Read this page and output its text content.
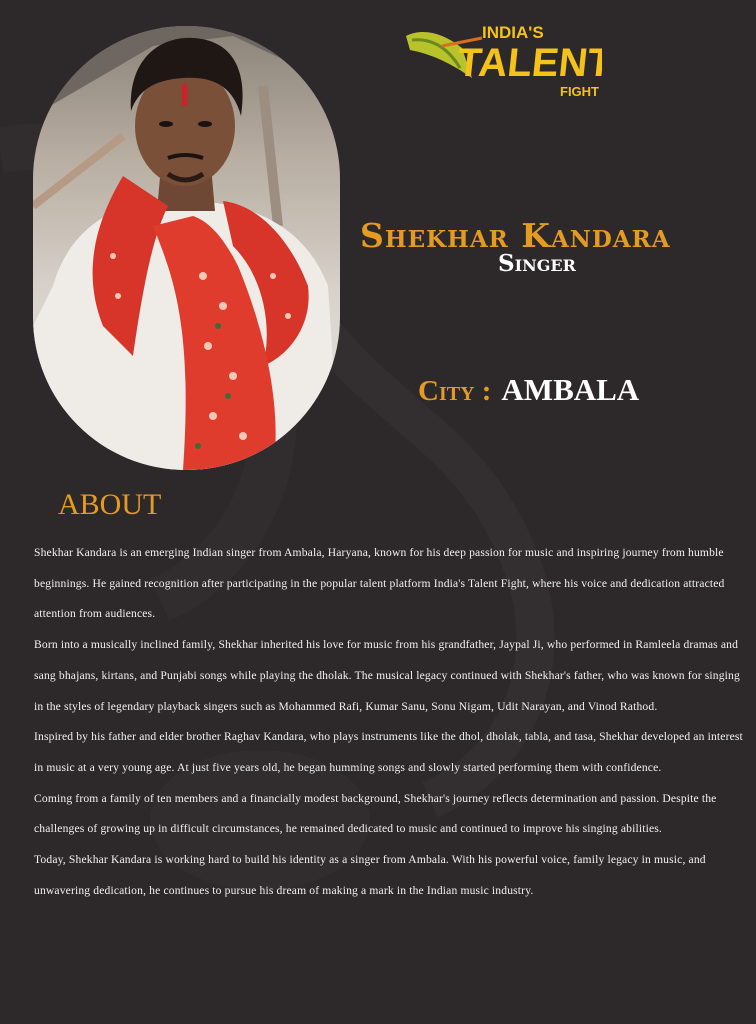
INDIA'S
TALENT
FIGHT
Shekhar Kandara
Singer
City : AMBALA
ABOUT

Shekhar Kandara is an emerging Indian singer from Ambala, Haryana, known for his deep passion for music and inspiring journey from humble beginnings. He gained recognition after participating in the popular talent platform India's Talent Fight, where his voice and dedication attracted attention from audiences.

Born into a musically inclined family, Shekhar inherited his love for music from his grandfather, Jaypal Ji, who performed in Ramleela dramas and sang bhajans, kirtans, and Punjabi songs while playing the dholak. The musical legacy continued with Shekhar's father, who was known for singing in the styles of legendary playback singers such as Mohammed Rafi, Kumar Sanu, Sonu Nigam, Udit Narayan, and Vinod Rathod.

Inspired by his father and elder brother Raghav Kandara, who plays instruments like the dhol, dholak, tabla, and tasa, Shekhar developed an interest in music at a very young age. At just five years old, he began humming songs and slowly started performing them with confidence.

Coming from a family of ten members and a financially modest background, Shekhar's journey reflects determination and passion. Despite the challenges of growing up in difficult circumstances, he remained dedicated to music and continued to improve his singing abilities.

Today, Shekhar Kandara is working hard to build his identity as a singer from Ambala. With his powerful voice, family legacy in music, and unwavering dedication, he continues to pursue his dream of making a mark in the Indian music industry.
